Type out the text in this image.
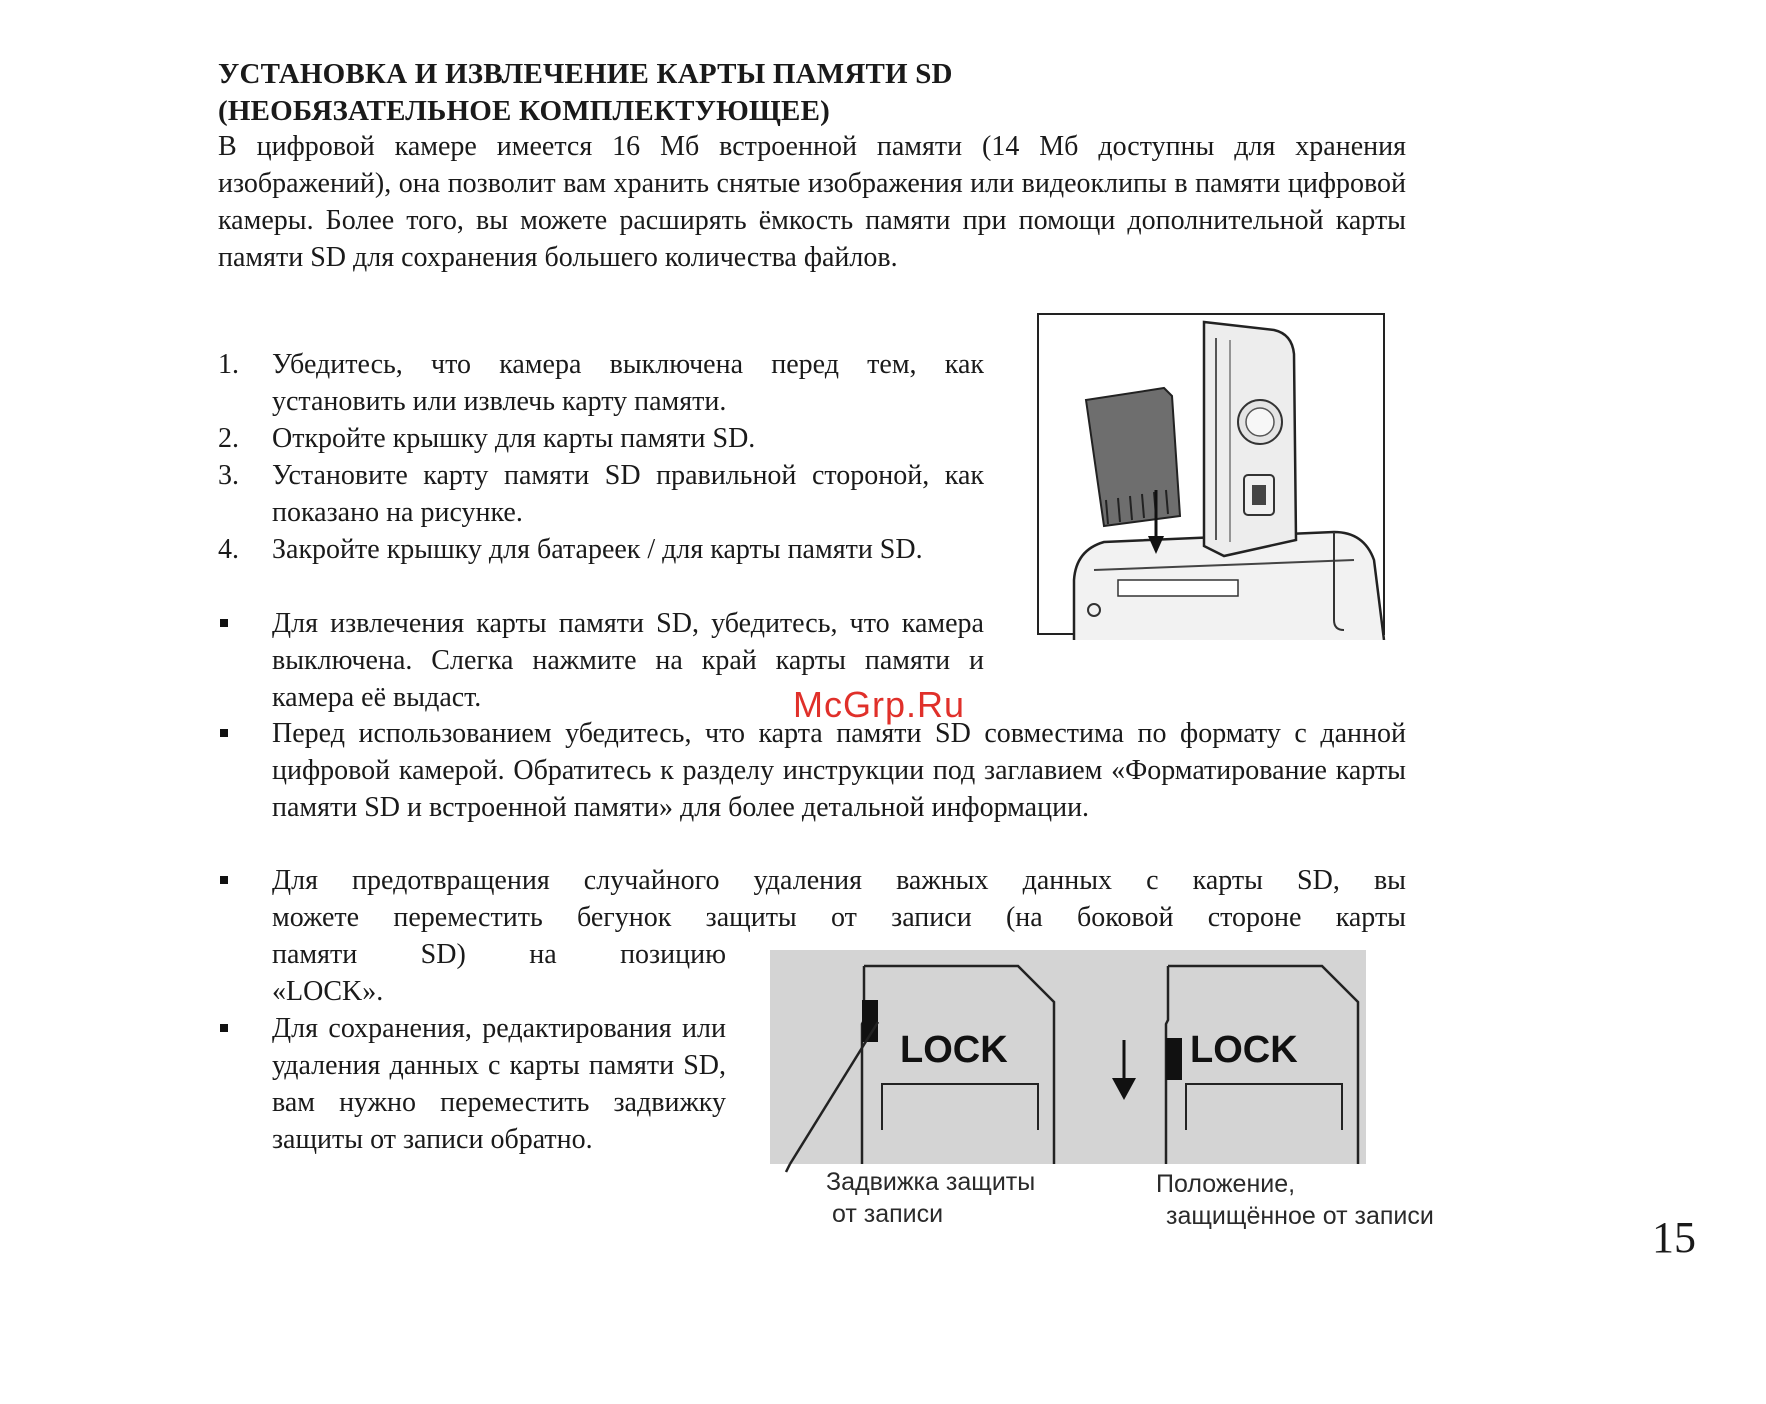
УСТАНОВКА И ИЗВЛЕЧЕНИЕ КАРТЫ ПАМЯТИ SD
(НЕОБЯЗАТЕЛЬНОЕ КОМПЛЕКТУЮЩЕЕ)
В цифровой камере имеется 16 Мб встроенной памяти (14 Мб доступны для хранения изображений), она позволит вам хранить снятые изображения или видеоклипы в памяти цифровой камеры. Более того, вы можете расширять ёмкость памяти при помощи дополнительной карты памяти SD для сохранения большего количества файлов.
1. Убедитесь, что камера выключена перед тем, как установить или извлечь карту памяти.
2. Откройте крышку для карты памяти SD.
3. Установите карту памяти SD правильной стороной, как показано на рисунке.
4. Закройте крышку для батареек / для карты памяти SD.
Для извлечения карты памяти SD, убедитесь, что камера выключена. Слегка нажмите на край карты памяти и камера её выдаст.
Перед использованием убедитесь, что карта памяти SD совместима по формату с данной цифровой камерой. Обратитесь к разделу инструкции под заглавием «Форматирование карты памяти SD и встроенной памяти» для более детальной информации.
Для предотвращения случайного удаления важных данных с карты SD, вы
можете переместить бегунок защиты от записи (на боковой стороне карты
памяти SD) на позицию
«LOCK».
Для сохранения, редактирования или удаления данных с карты памяти SD, вам нужно переместить задвижку защиты от записи обратно.
LOCK	LOCK
Задвижка защиты
от записи
Положение,
защищённое от записи
McGrp.Ru
15
